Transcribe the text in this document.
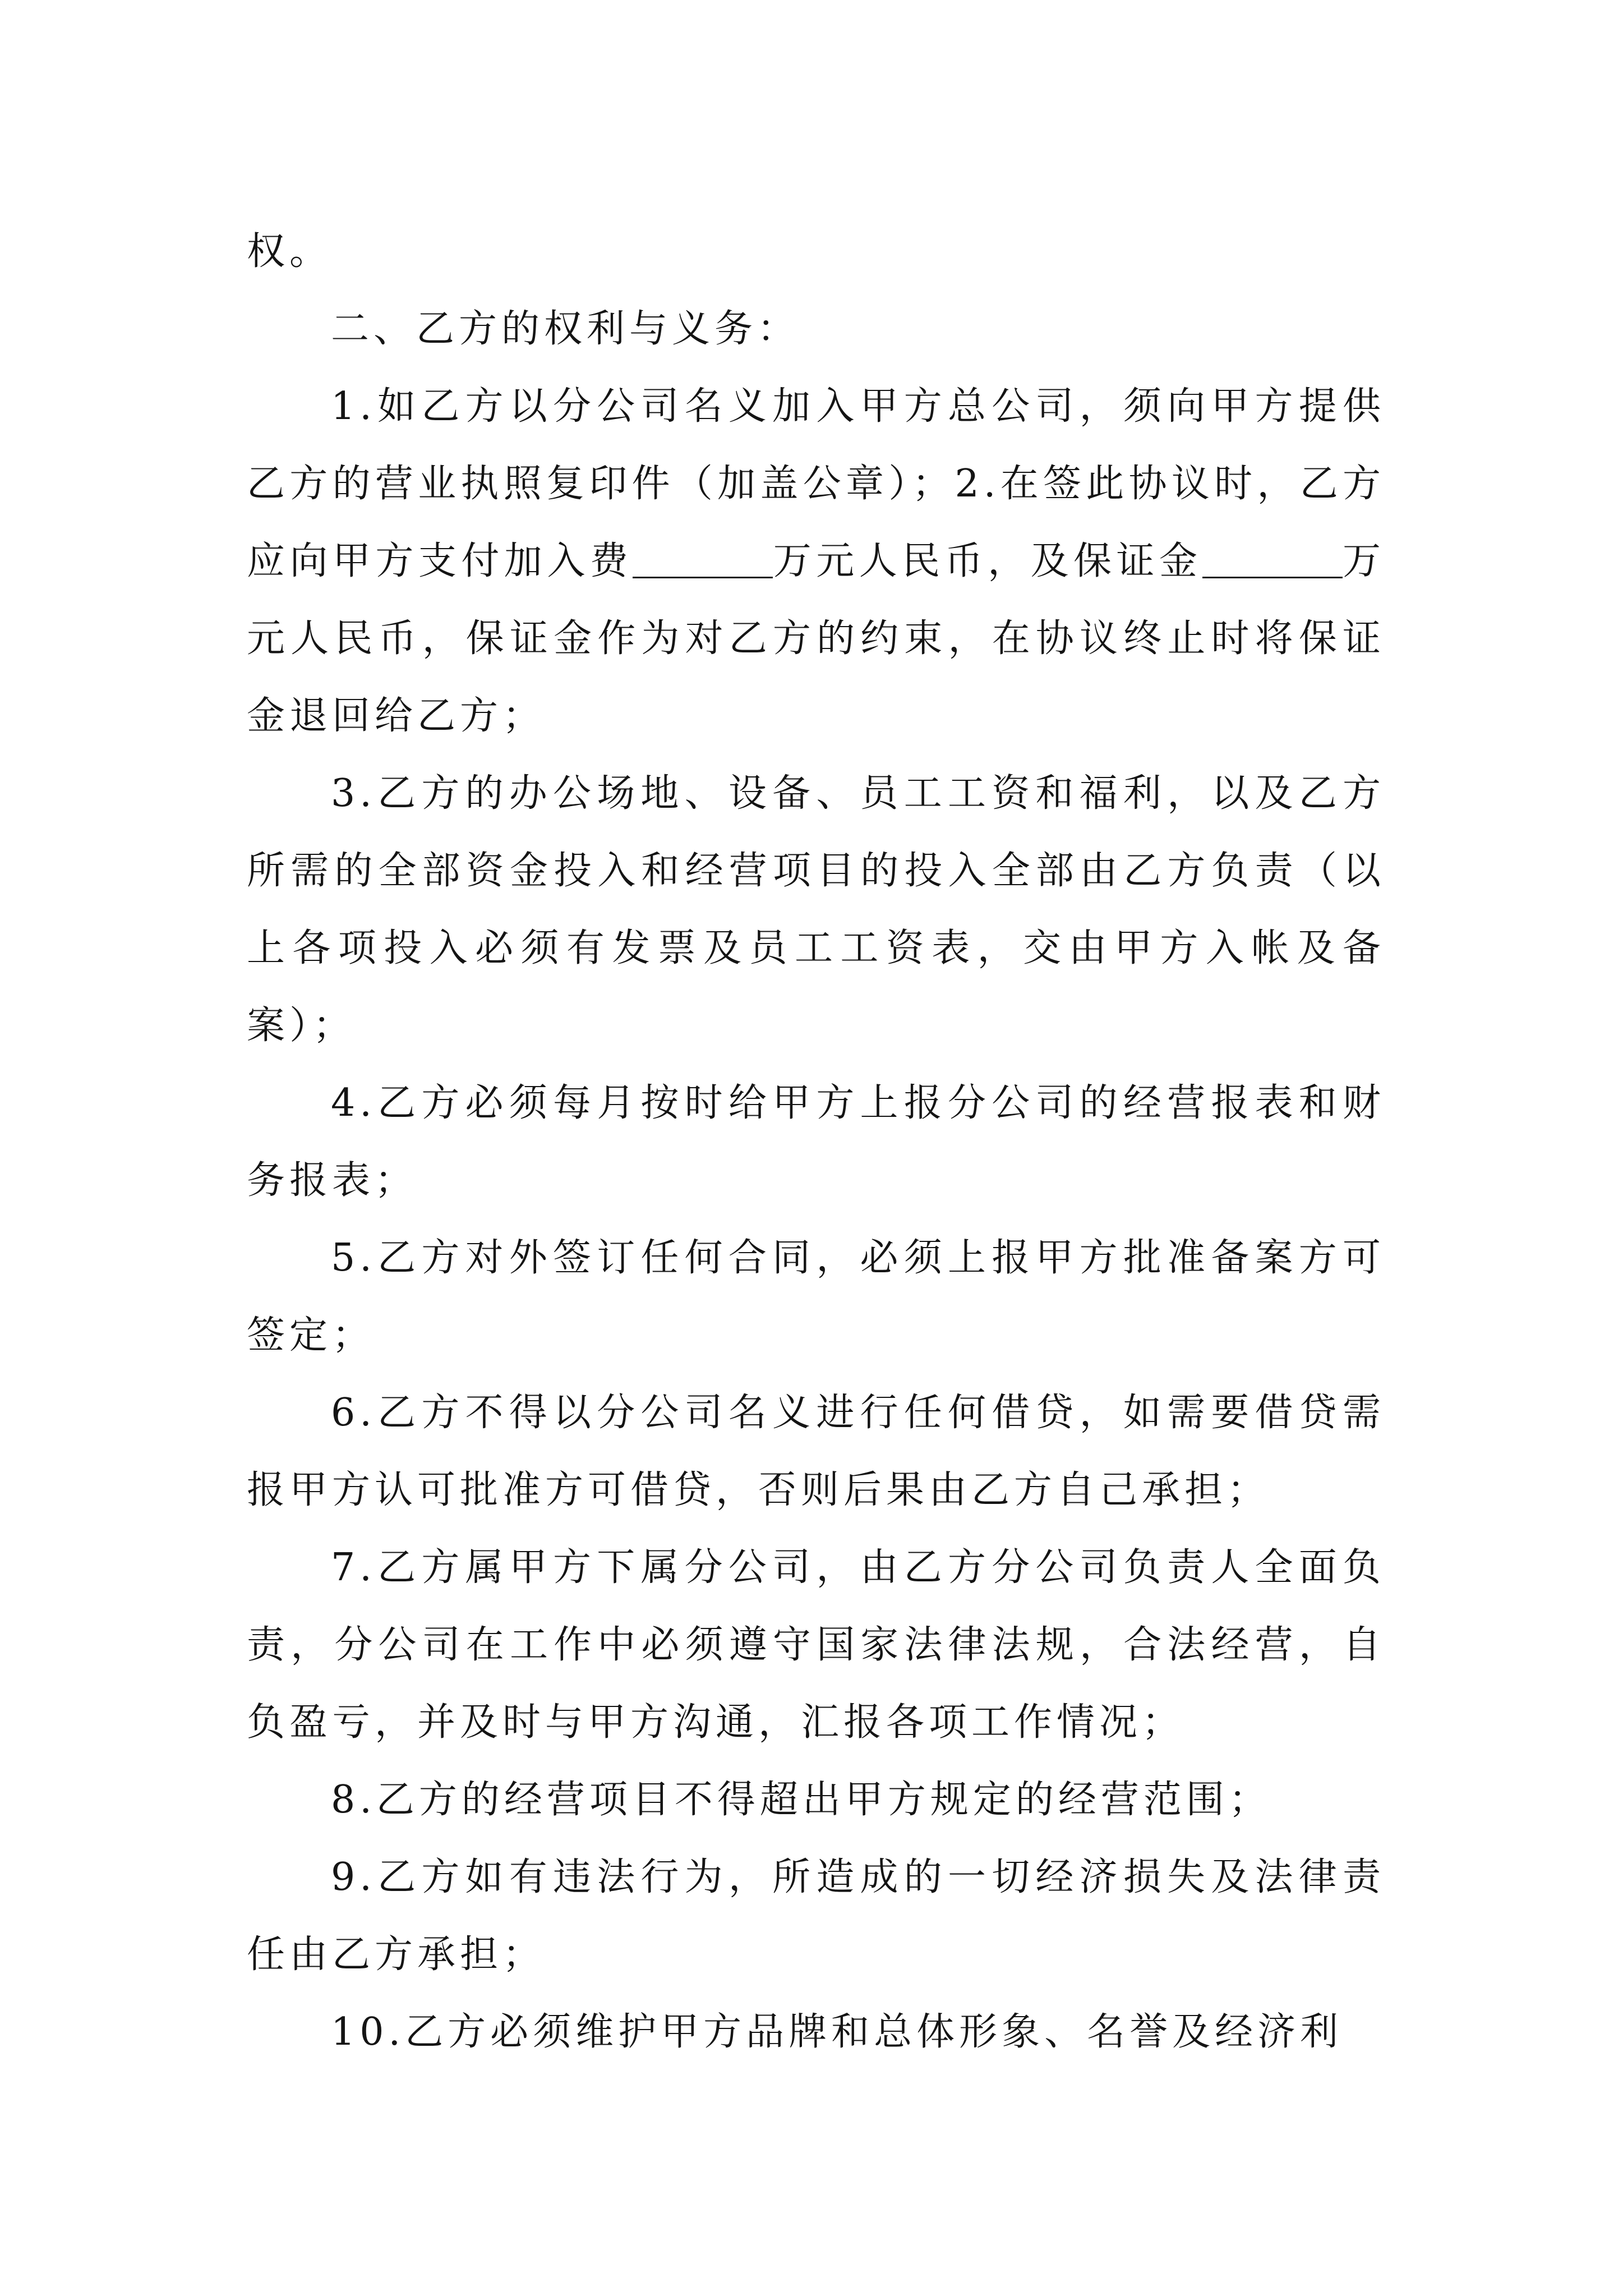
权。

二、乙方的权利与义务：

1.如乙方以分公司名义加入甲方总公司，须向甲方提供乙方的营业执照复印件（加盖公章）；2.在签此协议时，乙方应向甲方支付加入费	万元人民币，及保证金	万元人民币，保证金作为对乙方的约束，在协议终止时将保证金退回给乙方；

3.乙方的办公场地、设备、员工工资和福利，以及乙方所需的全部资金投入和经营项目的投入全部由乙方负责（以上各项投入必须有发票及员工工资表，交由甲方入帐及备案）；

4.乙方必须每月按时给甲方上报分公司的经营报表和财务报表；

5.乙方对外签订任何合同，必须上报甲方批准备案方可签定；

6.乙方不得以分公司名义进行任何借贷，如需要借贷需报甲方认可批准方可借贷，否则后果由乙方自己承担；

7.乙方属甲方下属分公司，由乙方分公司负责人全面负责，分公司在工作中必须遵守国家法律法规，合法经营，自负盈亏，并及时与甲方沟通，汇报各项工作情况；

8.乙方的经营项目不得超出甲方规定的经营范围；

9.乙方如有违法行为，所造成的一切经济损失及法律责任由乙方承担；

10.乙方必须维护甲方品牌和总体形象、名誉及经济利
